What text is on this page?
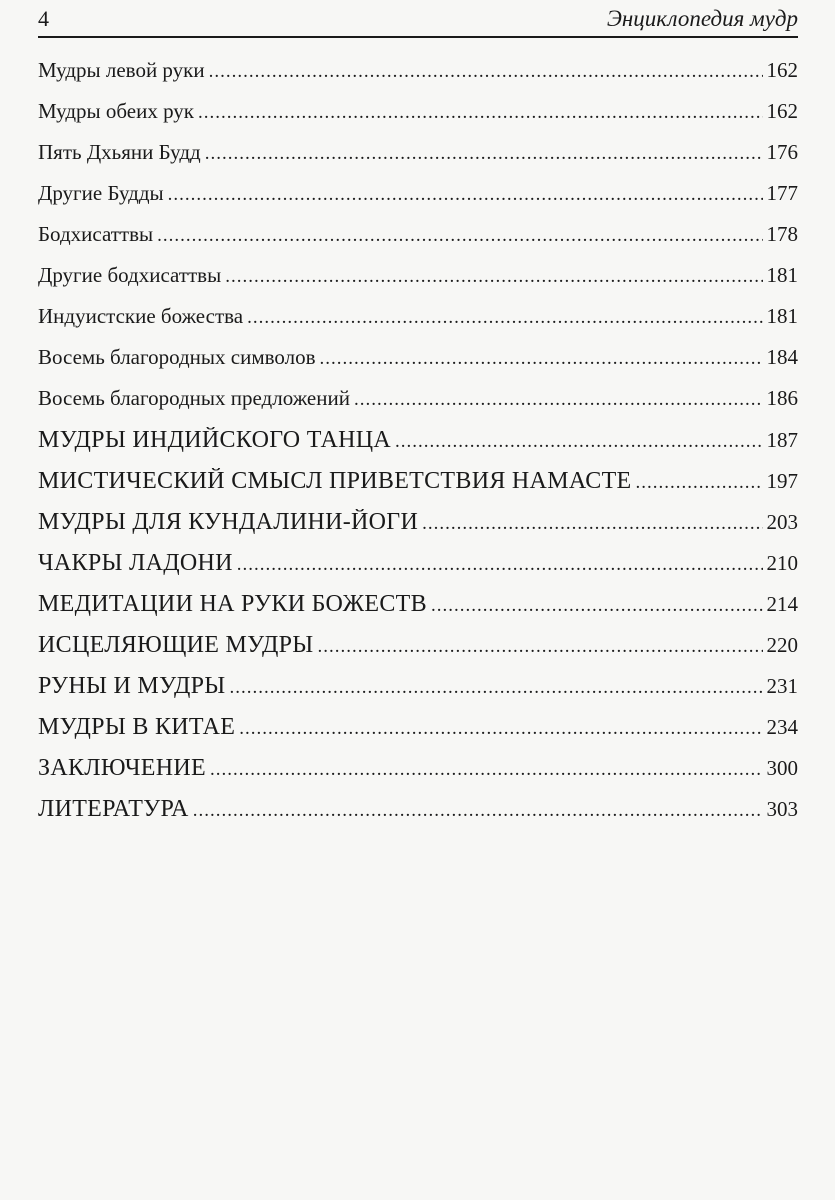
4	Энциклопедия мудр
Мудры левой руки .....	162
Мудры обеих рук .....	162
Пять Дхьяни Будд .....	176
Другие Будды .....	177
Бодхисаттвы .....	178
Другие бодхисаттвы .....	181
Индуистские божества .....	181
Восемь благородных символов .....	184
Восемь благородных предложений .....	186
МУДРЫ ИНДИЙСКОГО ТАНЦА .....	187
МИСТИЧЕСКИЙ СМЫСЛ ПРИВЕТСТВИЯ НАМАСТЕ .....	197
МУДРЫ ДЛЯ КУНДАЛИНИ-ЙОГИ .....	203
ЧАКРЫ ЛАДОНИ .....	210
МЕДИТАЦИИ НА РУКИ БОЖЕСТВ .....	214
ИСЦЕЛЯЮЩИЕ МУДРЫ .....	220
РУНЫ И МУДРЫ .....	231
МУДРЫ В КИТАЕ .....	234
ЗАКЛЮЧЕНИЕ .....	300
ЛИТЕРАТУРА .....	303
